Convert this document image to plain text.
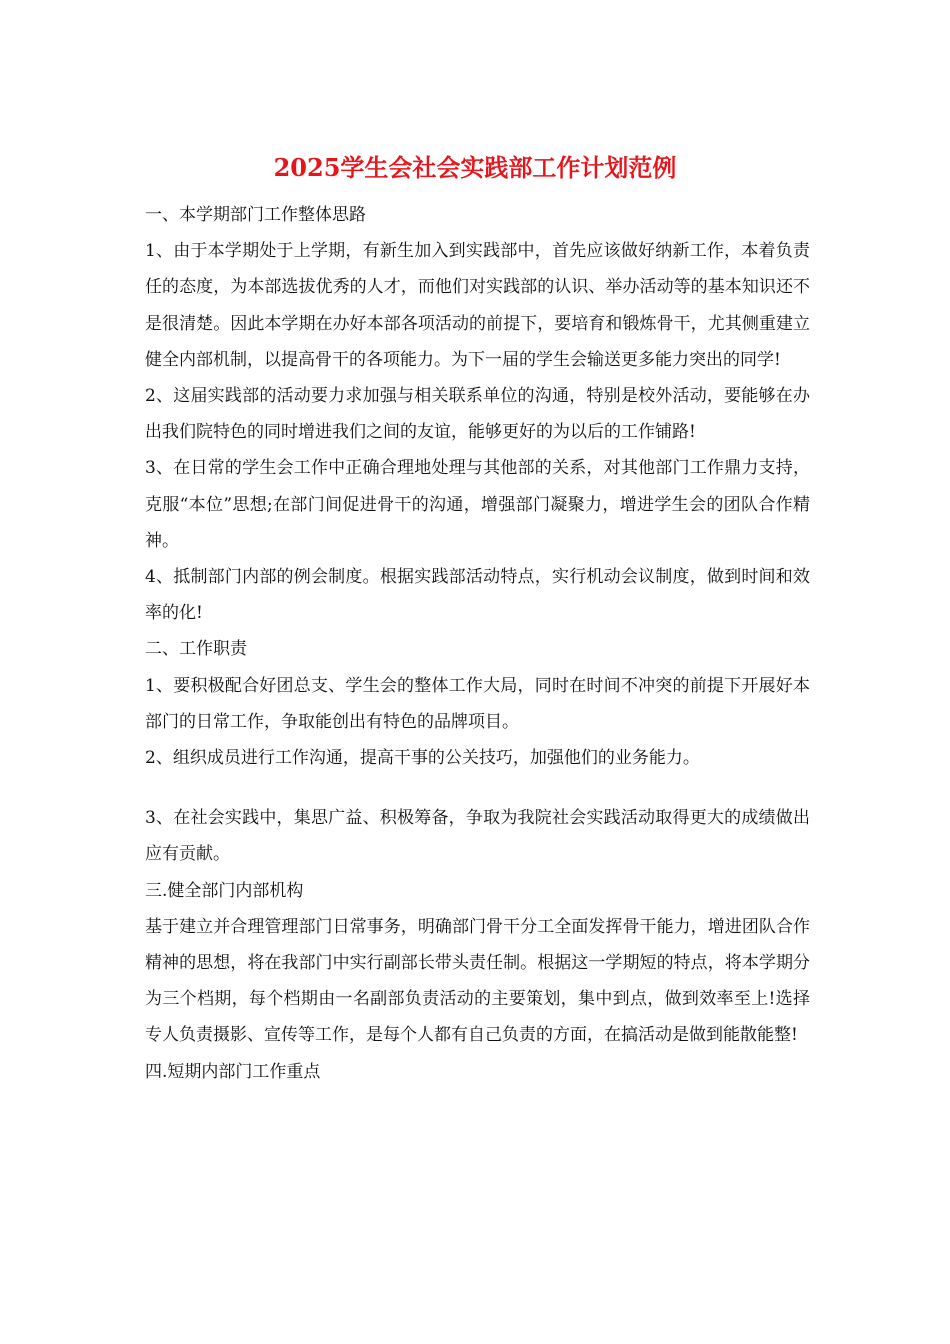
2025学生会社会实践部工作计划范例

一、本学期部门工作整体思路

1、由于本学期处于上学期，有新生加入到实践部中，首先应该做好纳新工作，本着负责任的态度，为本部选拔优秀的人才，而他们对实践部的认识、举办活动等的基本知识还不是很清楚。因此本学期在办好本部各项活动的前提下，要培育和锻炼骨干，尤其侧重建立健全内部机制，以提高骨干的各项能力。为下一届的学生会输送更多能力突出的同学!

2、这届实践部的活动要力求加强与相关联系单位的沟通，特别是校外活动，要能够在办出我们院特色的同时增进我们之间的友谊，能够更好的为以后的工作铺路!

3、在日常的学生会工作中正确合理地处理与其他部的关系，对其他部门工作鼎力支持，克服“本位”思想;在部门间促进骨干的沟通，增强部门凝聚力，增进学生会的团队合作精神。

4、抵制部门内部的例会制度。根据实践部活动特点，实行机动会议制度，做到时间和效率的化!

二、工作职责

1、要积极配合好团总支、学生会的整体工作大局，同时在时间不冲突的前提下开展好本部门的日常工作，争取能创出有特色的品牌项目。

2、组织成员进行工作沟通，提高干事的公关技巧，加强他们的业务能力。

3、在社会实践中，集思广益、积极筹备，争取为我院社会实践活动取得更大的成绩做出应有贡献。

三.健全部门内部机构

基于建立并合理管理部门日常事务，明确部门骨干分工全面发挥骨干能力，增进团队合作精神的思想，将在我部门中实行副部长带头责任制。根据这一学期短的特点，将本学期分为三个档期，每个档期由一名副部负责活动的主要策划，集中到点，做到效率至上!选择专人负责摄影、宣传等工作，是每个人都有自己负责的方面，在搞活动是做到能散能整!

四.短期内部门工作重点
